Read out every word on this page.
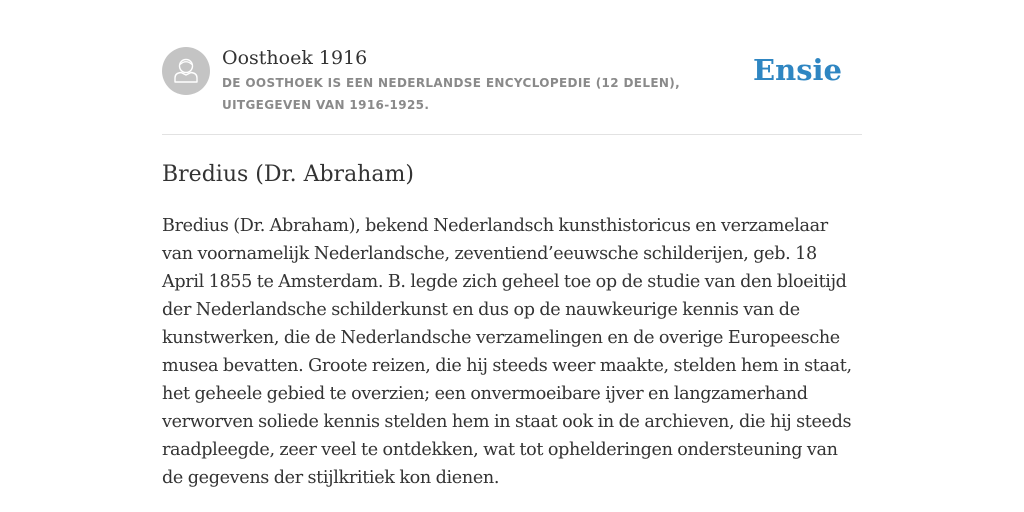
Oosthoek 1916
DE OOSTHOEK IS EEN NEDERLANDSE ENCYCLOPEDIE (12 DELEN), UITGEGEVEN VAN 1916-1925.
Ensie
Bredius (Dr. Abraham)

Bredius (Dr. Abraham), bekend Nederlandsch kunsthistoricus en verzamelaar van voornamelijk Nederlandsche, zeventiend’eeuwsche schilderijen, geb. 18 April 1855 te Amsterdam. B. legde zich geheel toe op de studie van den bloeitijd der Nederlandsche schilderkunst en dus op de nauwkeurige kennis van de kunstwerken, die de Nederlandsche verzamelingen en de overige Europeesche musea bevatten. Groote reizen, die hij steeds weer maakte, stelden hem in staat, het geheele gebied te overzien; een onvermoeibare ijver en langzamerhand verworven soliede kennis stelden hem in staat ook in de archieven, die hij steeds raadpleegde, zeer veel te ontdekken, wat tot ophelderingen ondersteuning van de gegevens der stijlkritiek kon dienen.
